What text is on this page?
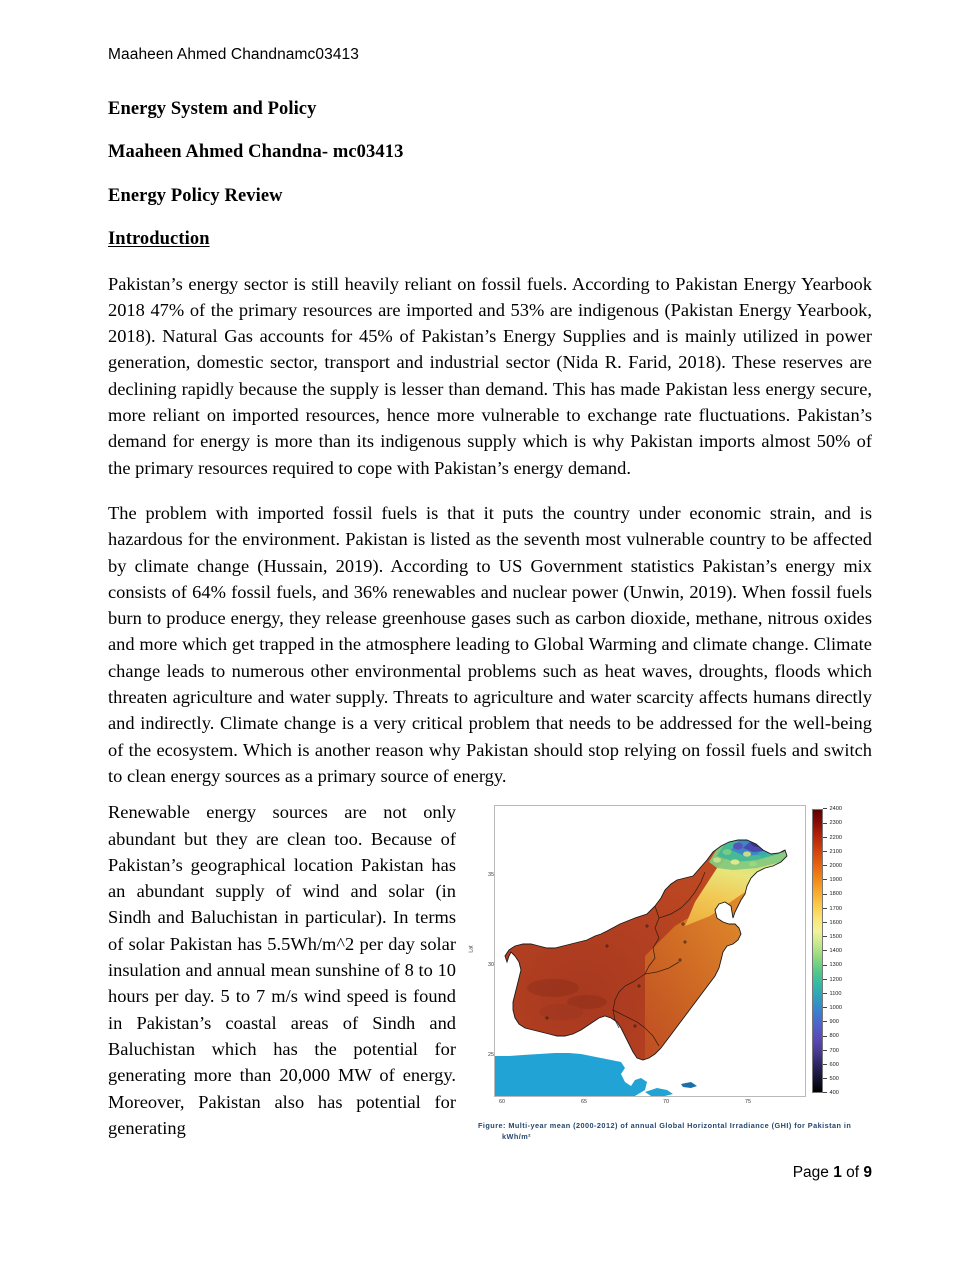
Maaheen Ahmed Chandnamc03413
Energy System and Policy
Maaheen Ahmed Chandna- mc03413
Energy Policy Review
Introduction

Pakistan’s energy sector is still heavily reliant on fossil fuels. According to Pakistan Energy Yearbook 2018 47% of the primary resources are imported and 53% are indigenous (Pakistan Energy Yearbook, 2018). Natural Gas accounts for 45% of Pakistan’s Energy Supplies and is mainly utilized in power generation, domestic sector, transport and industrial sector (Nida R. Farid, 2018). These reserves are declining rapidly because the supply is lesser than demand. This has made Pakistan less energy secure, more reliant on imported resources, hence more vulnerable to exchange rate fluctuations. Pakistan’s demand for energy is more than its indigenous supply which is why Pakistan imports almost 50% of the primary resources required to cope with Pakistan’s energy demand.

The problem with imported fossil fuels is that it puts the country under economic strain, and is hazardous for the environment. Pakistan is listed as the seventh most vulnerable country to be affected by climate change (Hussain, 2019). According to US Government statistics Pakistan’s energy mix consists of 64% fossil fuels, and 36% renewables and nuclear power (Unwin, 2019). When fossil fuels burn to produce energy, they release greenhouse gases such as carbon dioxide, methane, nitrous oxides and more which get trapped in the atmosphere leading to Global Warming and climate change. Climate change leads to numerous other environmental problems such as heat waves, droughts, floods which threaten agriculture and water supply. Threats to agriculture and water scarcity affects humans directly and indirectly. Climate change is a very critical problem that needs to be addressed for the well-being of the ecosystem. Which is another reason why Pakistan should stop relying on fossil fuels and switch to clean energy sources as a primary source of energy.

60	65	70	75
35
30
25
Lat
2400
2300
2200
2100
2000
1900
1800
1700
1600
1500
1400
1300
1200
1100
1000
900
800
700
600
500
400
Figure: Multi-year mean (2000-2012) of annual Global Horizontal Irradiance (GHI) for Pakistan in
kWh/m²

Renewable energy sources are not only abundant but they are clean too. Because of Pakistan’s geographical location Pakistan has an abundant supply of wind and solar (in Sindh and Baluchistan in particular). In terms of solar Pakistan has 5.5Wh/m^2 per day solar insulation and annual mean sunshine of 8 to 10 hours per day. 5 to 7 m/s wind speed is found in Pakistan’s coastal areas of Sindh and Baluchistan which has the potential for generating more than 20,000 MW of energy. Moreover, Pakistan also has potential for generating

Page 1 of 9
